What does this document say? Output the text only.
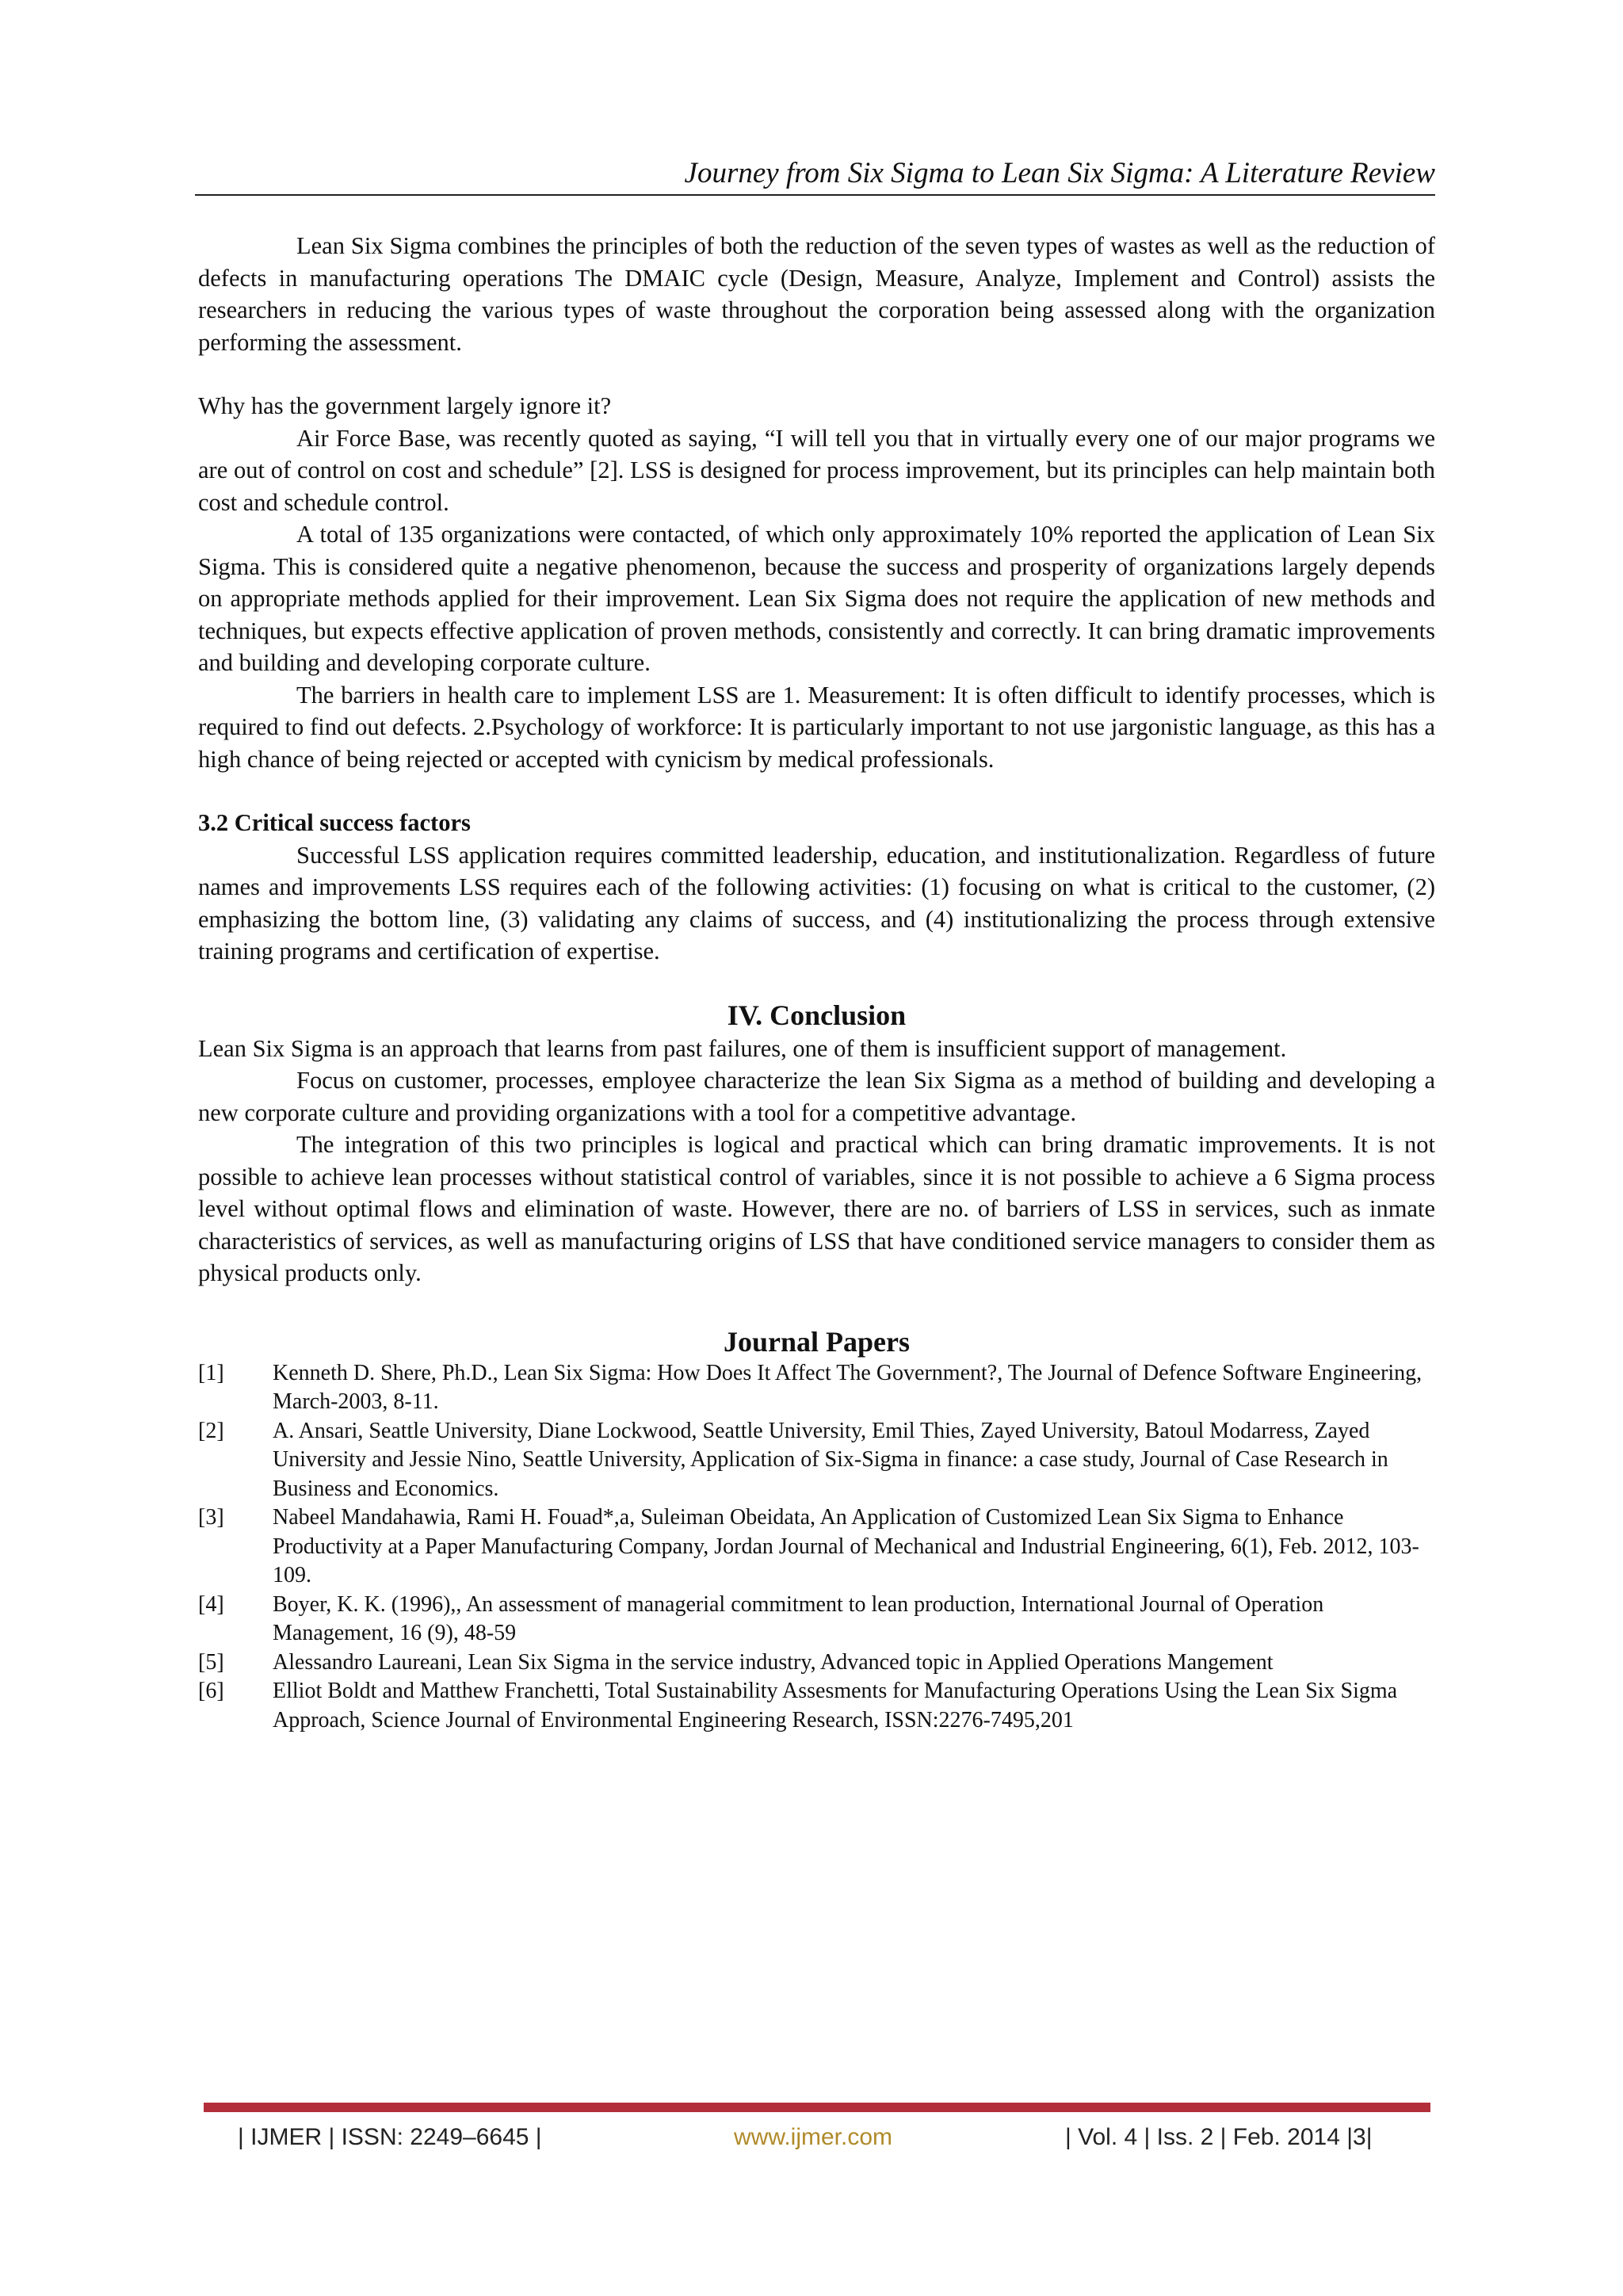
Journey from Six Sigma to Lean Six Sigma: A Literature Review

Lean Six Sigma combines the principles of both the reduction of the seven types of wastes as well as the reduction of defects in manufacturing operations The DMAIC cycle (Design, Measure, Analyze, Implement and Control) assists the researchers in reducing the various types of waste throughout the corporation being assessed along with the organization performing the assessment.

Why has the government largely ignore it?

Air Force Base, was recently quoted as saying, “I will tell you that in virtually every one of our major programs we are out of control on cost and schedule” [2]. LSS is designed for process improvement, but its principles can help maintain both cost and schedule control.

A total of 135 organizations were contacted, of which only approximately 10% reported the application of Lean Six Sigma. This is considered quite a negative phenomenon, because the success and prosperity of organizations largely depends on appropriate methods applied for their improvement. Lean Six Sigma does not require the application of new methods and techniques, but expects effective application of proven methods, consistently and correctly. It can bring dramatic improvements and building and developing corporate culture.

The barriers in health care to implement LSS are 1. Measurement: It is often difficult to identify processes, which is required to find out defects. 2.Psychology of workforce: It is particularly important to not use jargonistic language, as this has a high chance of being rejected or accepted with cynicism by medical professionals.

3.2 Critical success factors

Successful LSS application requires committed leadership, education, and institutionalization. Regardless of future names and improvements LSS requires each of the following activities: (1) focusing on what is critical to the customer, (2) emphasizing the bottom line, (3) validating any claims of success, and (4) institutionalizing the process through extensive training programs and certification of expertise.

IV. Conclusion

Lean Six Sigma is an approach that learns from past failures, one of them is insufficient support of management.

Focus on customer, processes, employee characterize the lean Six Sigma as a method of building and developing a new corporate culture and providing organizations with a tool for a competitive advantage.

The integration of this two principles is logical and practical which can bring dramatic improvements. It is not possible to achieve lean processes without statistical control of variables, since it is not possible to achieve a 6 Sigma process level without optimal flows and elimination of waste. However, there are no. of barriers of LSS in services, such as inmate characteristics of services, as well as manufacturing origins of LSS that have conditioned service managers to consider them as physical products only.

Journal Papers

[1] Kenneth D. Shere, Ph.D., Lean Six Sigma: How Does It Affect The Government?, The Journal of Defence Software Engineering, March-2003, 8-11.
[2] A. Ansari, Seattle University, Diane Lockwood, Seattle University, Emil Thies, Zayed University, Batoul Modarress, Zayed University and Jessie Nino, Seattle University, Application of Six-Sigma in finance: a case study, Journal of Case Research in Business and Economics.
[3] Nabeel Mandahawia, Rami H. Fouad*,a, Suleiman Obeidata, An Application of Customized Lean Six Sigma to Enhance Productivity at a Paper Manufacturing Company, Jordan Journal of Mechanical and Industrial Engineering, 6(1), Feb. 2012, 103-109.
[4] Boyer, K. K. (1996),, An assessment of managerial commitment to lean production, International Journal of Operation Management, 16 (9), 48-59
[5] Alessandro Laureani, Lean Six Sigma in the service industry, Advanced topic in Applied Operations Mangement
[6] Elliot Boldt and Matthew Franchetti, Total Sustainability Assesments for Manufacturing Operations Using the Lean Six Sigma Approach, Science Journal of Environmental Engineering Research, ISSN:2276-7495,201
| IJMER | ISSN: 2249–6645 |	www.ijmer.com	| Vol. 4 | Iss. 2 | Feb. 2014 |3|
